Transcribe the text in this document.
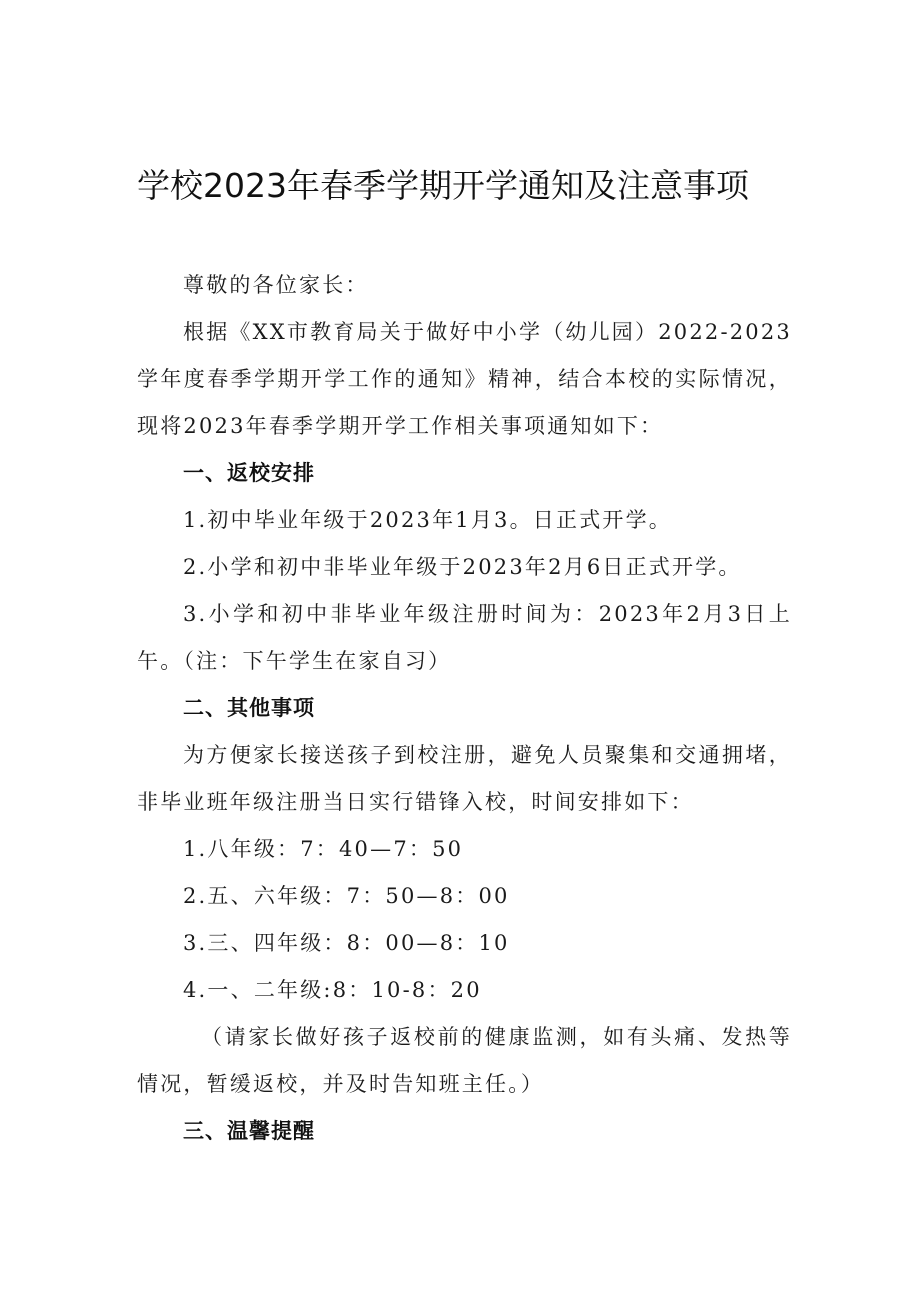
学校2023年春季学期开学通知及注意事项

尊敬的各位家长：

根据《XX市教育局关于做好中小学（幼儿园）2022-2023学年度春季学期开学工作的通知》精神，结合本校的实际情况，现将2023年春季学期开学工作相关事项通知如下：

一、返校安排

1.初中毕业年级于2023年1月3。日正式开学。

2.小学和初中非毕业年级于2023年2月6日正式开学。

3.小学和初中非毕业年级注册时间为：2023年2月3日上午。（注：下午学生在家自习）

二、其他事项

为方便家长接送孩子到校注册，避免人员聚集和交通拥堵，非毕业班年级注册当日实行错锋入校，时间安排如下：

1.八年级：7：40—7：50

2.五、六年级：7：50—8：00

3.三、四年级：8：00—8：10

4.一、二年级:8：10-8：20

（请家长做好孩子返校前的健康监测，如有头痛、发热等情况，暂缓返校，并及时告知班主任。）

三、温馨提醒
